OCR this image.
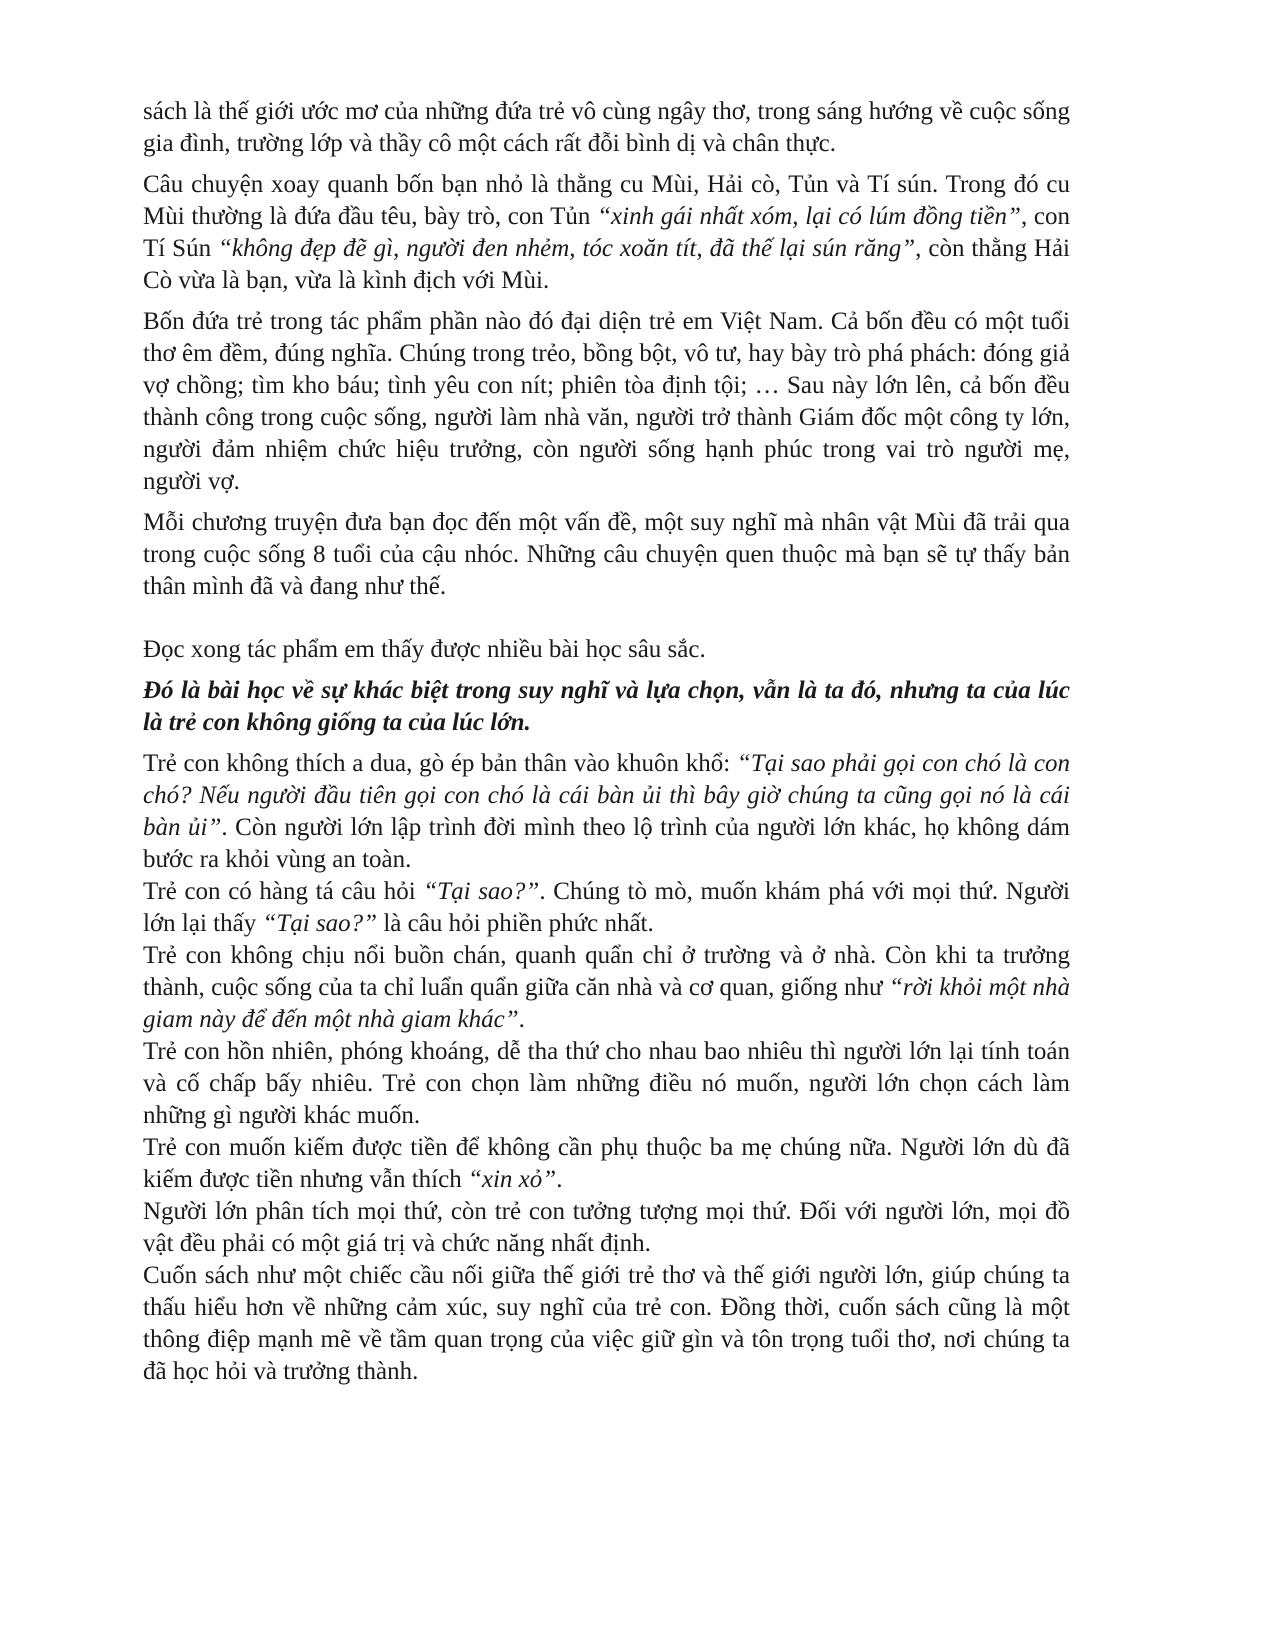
sách là thế giới ước mơ của những đứa trẻ vô cùng ngây thơ, trong sáng hướng về cuộc sống gia đình, trường lớp và thầy cô một cách rất đỗi bình dị và chân thực.

Câu chuyện xoay quanh bốn bạn nhỏ là thằng cu Mùi, Hải cò, Tủn và Tí sún. Trong đó cu Mùi thường là đứa đầu têu, bày trò, con Tủn “xinh gái nhất xóm, lại có lúm đồng tiền”, con Tí Sún “không đẹp đẽ gì, người đen nhẻm, tóc xoăn tít, đã thế lại sún răng”, còn thằng Hải Cò vừa là bạn, vừa là kình địch với Mùi.

Bốn đứa trẻ trong tác phẩm phần nào đó đại diện trẻ em Việt Nam. Cả bốn đều có một tuổi thơ êm đềm, đúng nghĩa. Chúng trong trẻo, bồng bột, vô tư, hay bày trò phá phách: đóng giả vợ chồng; tìm kho báu; tình yêu con nít; phiên tòa định tội; … Sau này lớn lên, cả bốn đều thành công trong cuộc sống, người làm nhà văn, người trở thành Giám đốc một công ty lớn, người đảm nhiệm chức hiệu trưởng, còn người sống hạnh phúc trong vai trò người mẹ, người vợ.

Mỗi chương truyện đưa bạn đọc đến một vấn đề, một suy nghĩ mà nhân vật Mùi đã trải qua trong cuộc sống 8 tuổi của cậu nhóc. Những câu chuyện quen thuộc mà bạn sẽ tự thấy bản thân mình đã và đang như thế.

Đọc xong tác phẩm em thấy được nhiều bài học sâu sắc.

Đó là bài học về sự khác biệt trong suy nghĩ và lựa chọn, vẫn là ta đó, nhưng ta của lúc là trẻ con không giống ta của lúc lớn.

Trẻ con không thích a dua, gò ép bản thân vào khuôn khổ: “Tại sao phải gọi con chó là con chó? Nếu người đầu tiên gọi con chó là cái bàn ủi thì bây giờ chúng ta cũng gọi nó là cái bàn ủi”. Còn người lớn lập trình đời mình theo lộ trình của người lớn khác, họ không dám bước ra khỏi vùng an toàn.

Trẻ con có hàng tá câu hỏi “Tại sao?”. Chúng tò mò, muốn khám phá với mọi thứ. Người lớn lại thấy “Tại sao?” là câu hỏi phiền phức nhất.

Trẻ con không chịu nổi buồn chán, quanh quẩn chỉ ở trường và ở nhà. Còn khi ta trưởng thành, cuộc sống của ta chỉ luẩn quẩn giữa căn nhà và cơ quan, giống như “rời khỏi một nhà giam này để đến một nhà giam khác”.

Trẻ con hồn nhiên, phóng khoáng, dễ tha thứ cho nhau bao nhiêu thì người lớn lại tính toán và cố chấp bấy nhiêu. Trẻ con chọn làm những điều nó muốn, người lớn chọn cách làm những gì người khác muốn.

Trẻ con muốn kiếm được tiền để không cần phụ thuộc ba mẹ chúng nữa. Người lớn dù đã kiếm được tiền nhưng vẫn thích “xin xỏ”.

Người lớn phân tích mọi thứ, còn trẻ con tưởng tượng mọi thứ. Đối với người lớn, mọi đồ vật đều phải có một giá trị và chức năng nhất định.

Cuốn sách như một chiếc cầu nối giữa thế giới trẻ thơ và thế giới người lớn, giúp chúng ta thấu hiểu hơn về những cảm xúc, suy nghĩ của trẻ con. Đồng thời, cuốn sách cũng là một thông điệp mạnh mẽ về tầm quan trọng của việc giữ gìn và tôn trọng tuổi thơ, nơi chúng ta đã học hỏi và trưởng thành.
